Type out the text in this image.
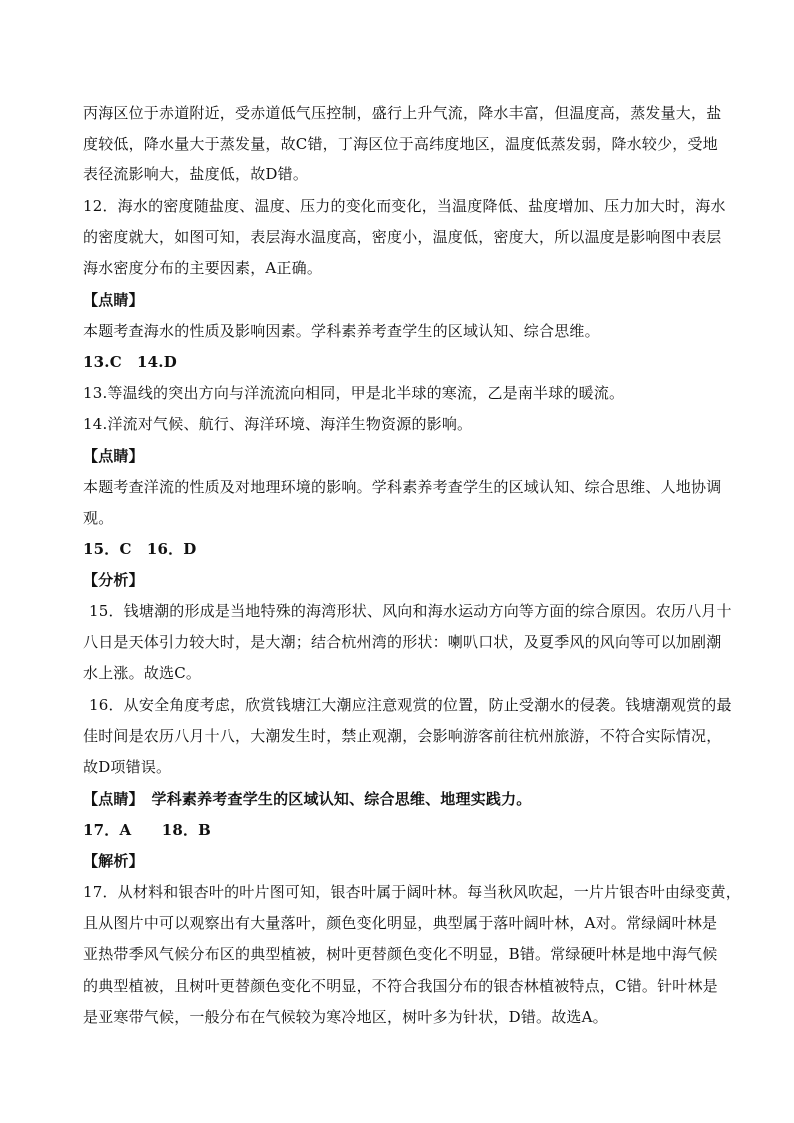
丙海区位于赤道附近，受赤道低气压控制，盛行上升气流，降水丰富，但温度高，蒸发量大，盐
度较低，降水量大于蒸发量，故C错，丁海区位于高纬度地区，温度低蒸发弱，降水较少，受地
表径流影响大，盐度低，故D错。
12．海水的密度随盐度、温度、压力的变化而变化，当温度降低、盐度增加、压力加大时，海水
的密度就大，如图可知，表层海水温度高，密度小，温度低，密度大，所以温度是影响图中表层
海水密度分布的主要因素，A正确。
【点睛】
本题考查海水的性质及影响因素。学科素养考查学生的区域认知、综合思维。
13.C　14.D
13.等温线的突出方向与洋流流向相同，甲是北半球的寒流，乙是南半球的暖流。
14.洋流对气候、航行、海洋环境、海洋生物资源的影响。
【点睛】
本题考查洋流的性质及对地理环境的影响。学科素养考查学生的区域认知、综合思维、人地协调
观。
15．C　16．D
【分析】
15．钱塘潮的形成是当地特殊的海湾形状、风向和海水运动方向等方面的综合原因。农历八月十
八日是天体引力较大时，是大潮；结合杭州湾的形状：喇叭口状，及夏季风的风向等可以加剧潮
水上涨。故选C。
16．从安全角度考虑，欣赏钱塘江大潮应注意观赏的位置，防止受潮水的侵袭。钱塘潮观赏的最
佳时间是农历八月十八，大潮发生时，禁止观潮，会影响游客前往杭州旅游，不符合实际情况，
故D项错误。
【点睛】　学科素养考查学生的区域认知、综合思维、地理实践力。
17．A　　18．B
【解析】
17．从材料和银杏叶的叶片图可知，银杏叶属于阔叶林。每当秋风吹起，一片片银杏叶由绿变黄，
且从图片中可以观察出有大量落叶，颜色变化明显，典型属于落叶阔叶林，A对。常绿阔叶林是
亚热带季风气候分布区的典型植被，树叶更替颜色变化不明显，B错。常绿硬叶林是地中海气候
的典型植被，且树叶更替颜色变化不明显，不符合我国分布的银杏林植被特点，C错。针叶林是
是亚寒带气候，一般分布在气候较为寒冷地区，树叶多为针状，D错。故选A。
